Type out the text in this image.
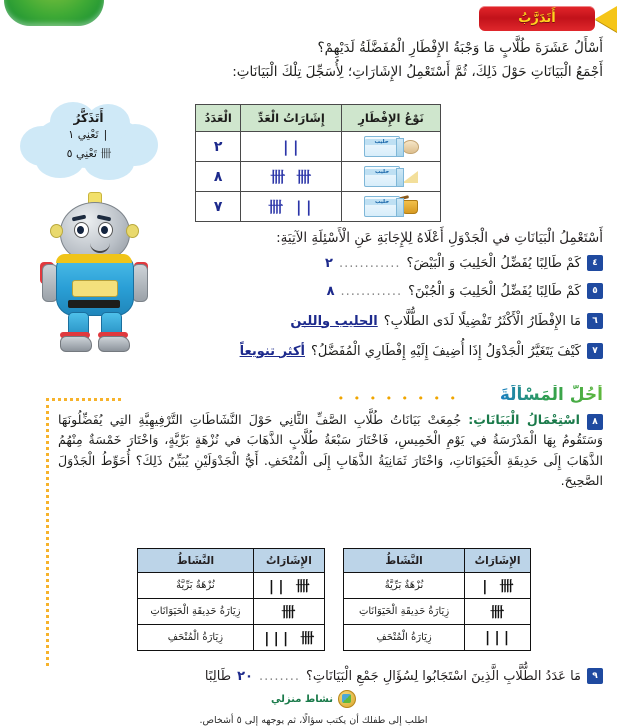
أَتَدَرَّبُ
أَسْأَلُ عَشَرَةَ طُلَّابٍ مَا وَجْبَةُ الإِفْطَارِ الْمُفَضَّلَةُ لَدَيْهِمْ؟
أَجْمَعُ الْبَيَانَاتِ حَوْلَ ذَلِكَ، ثُمَّ أَسْتَعْمِلُ الإِشَارَاتِ؛ لِأُسَجِّلَ تِلْكَ الْبَيَانَاتِ:
أَتَذَكَّرُ
| تَعْنِي ١
卌 تَعْنِي ٥
نَوْعُ الإِفْطَارِ	إِشَارَاتُ الْعَدِّ	الْعَدَدُ

حليب	||	٢

حليب	卌 卌	٨

حليب	|| 卌	٧
أَسْتَعْمِلُ الْبَيَانَاتِ في الْجَدْوَلِ أَعْلَاهُ لِلإِجَابَةِ عَنِ الْأَسْئِلَةِ الآتِيَةِ:
٤
كَمْ طَالِبًا يُفَضِّلُ الْحَلِيبَ وَ الْبَيْضَ؟
............
٢
٥
كَمْ طَالِبًا يُفَضِّلُ الْحَلِيبَ وَ الْجُبْنَ؟
............
٨
٦
مَا الإِفْطَارُ الْأَكْثَرُ تَفْضِيلًا لَدَى الطُّلَّابِ؟
الحليب واللبن
٧
كَيْفَ يَتَغَيَّرُ الْجَدْوَلُ إِذَا أُضِيفَ إِلَيْهِ إِفْطَارِي الْمُفَضَّلُ؟
أكثر تنويعاً
أَحُلُّ الْمَسْأَلَةَ
• • • • • • • •
٨ اسْتِعْمَالُ الْبَيَانَاتِ: جُمِعَتْ بَيَانَاتُ طُلَّابِ الصَّفِّ الثَّانِي حَوْلَ النَّشَاطَاتِ التَّرْفِيهِيَّةِ التِي يُفَضِّلُونَهَا وَسَتَقُومُ بِهَا الْمَدْرَسَةُ في يَوْمِ الْخَمِيسِ، فَاخْتَارَ سَبْعَةُ طُلَّابٍ الذَّهَابَ في نُزْهَةٍ بَرِّيَّةٍ، وَاخْتَارَ خَمْسَةٌ مِنْهُمُ الذَّهَابَ إِلَى حَدِيقَةِ الْحَيَوَانَاتِ، وَاخْتَارَ ثَمَانِيَةُ الذَّهَابِ إِلَى الْمُتْحَفِ. أَيُّ الْجَدْوَلَيْنِ يُبَيِّنُ ذَلِكَ؟ أُحَوِّطُ الْجَدْوَلَ الصَّحِيحَ.
الإِشَارَاتُ	النَّشَاطُ
卌 ||	نُزْهَةٌ بَرِّيَّةٌ
卌	زِيَارَةُ حَدِيقَةِ الْحَيَوَانَاتِ
卌 |||	زِيَارَةُ الْمُتْحَفِ
الإِشَارَاتُ	النَّشَاطُ
卌 |	نُزْهَةٌ بَرِّيَّةٌ
卌	زِيَارَةُ حَدِيقَةِ الْحَيَوَانَاتِ
|||	زِيَارَةُ الْمُتْحَفِ
٩
مَا عَدَدُ الطُّلَّابِ الَّذِينَ اسْتَجَابُوا لِسُؤَالِ جَمْعِ الْبَيَانَاتِ؟
........
٢٠
طَالِبًا
نشاط منزلي
اطلب إلى طفلك أن يكتب سؤالًا، ثم يوجهه إلى ٥ أشخاص.
